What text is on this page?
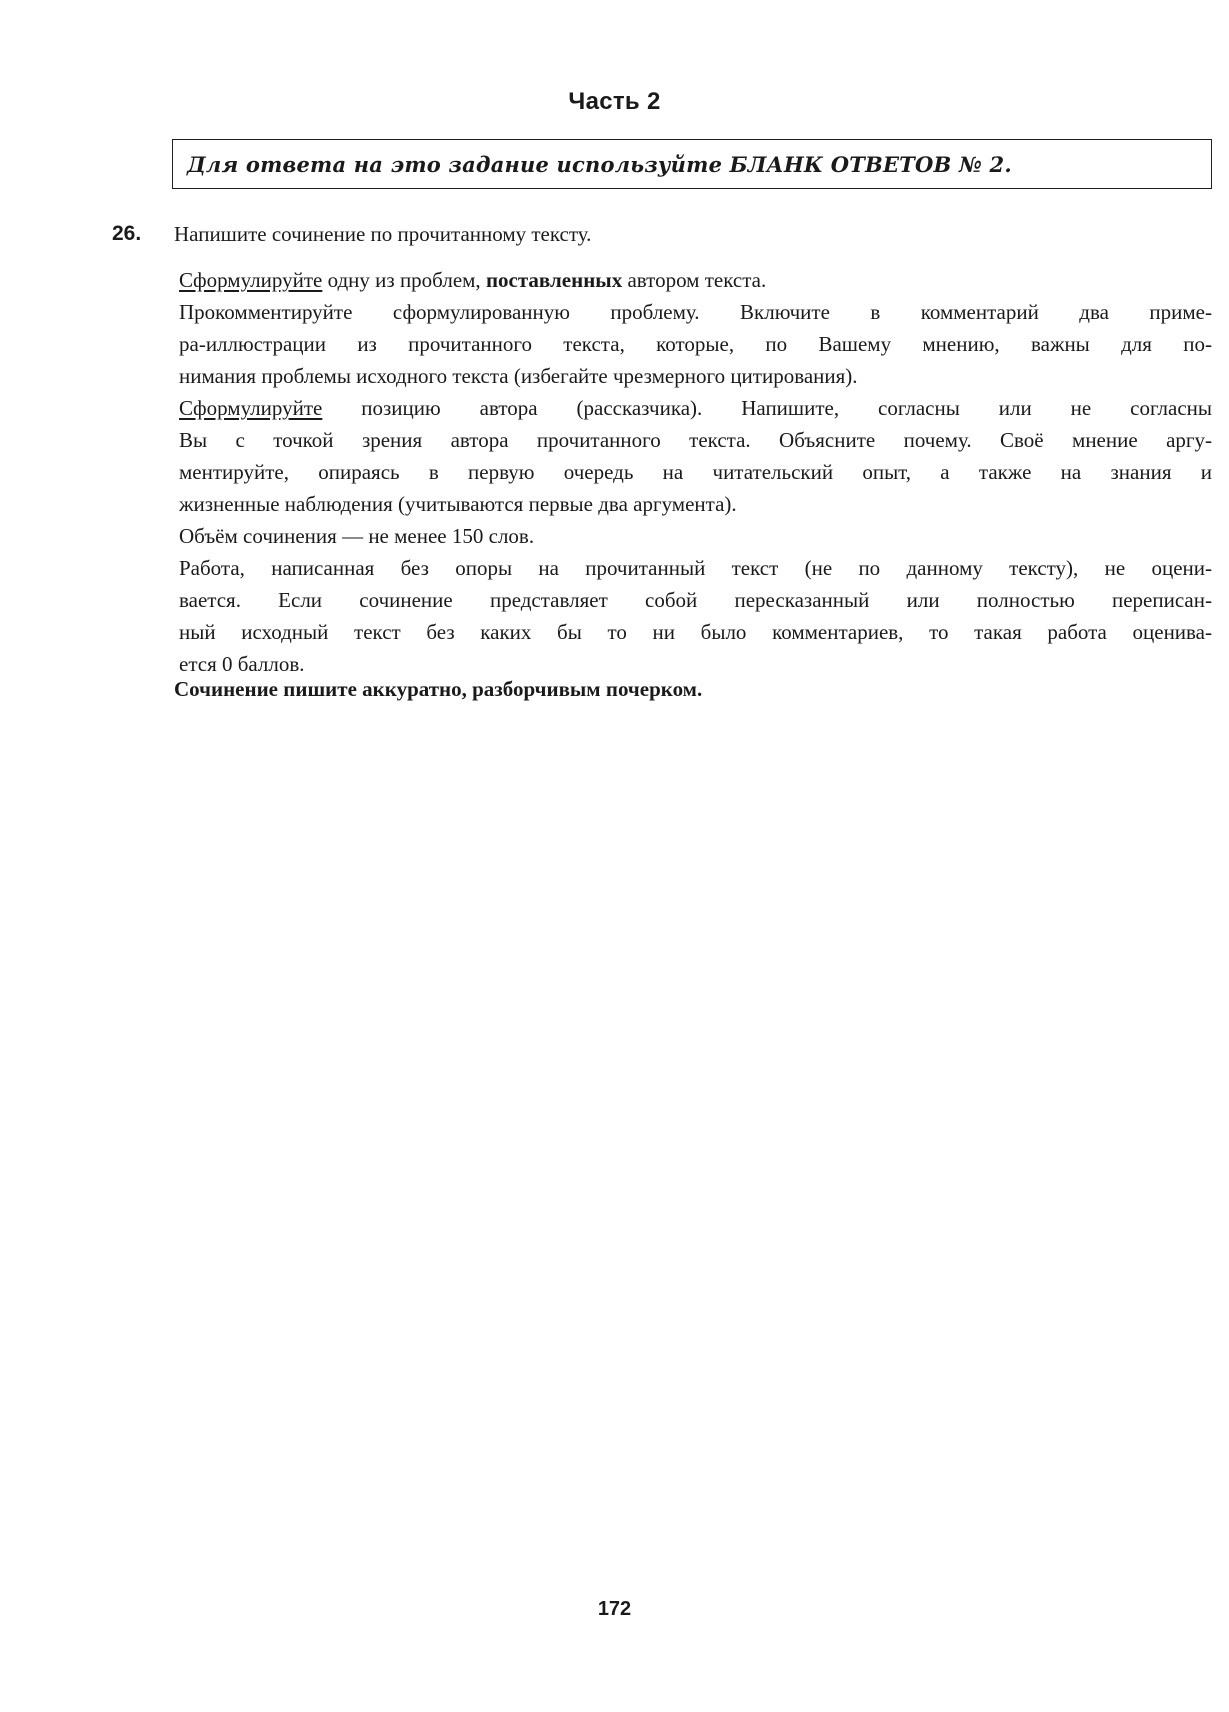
Часть 2
Для ответа на это задание используйте БЛАНК ОТВЕТОВ № 2.
26. Напишите сочинение по прочитанному тексту.
Сформулируйте одну из проблем, поставленных автором текста.
Прокомментируйте сформулированную проблему. Включите в комментарий два приме-
ра-иллюстрации из прочитанного текста, которые, по Вашему мнению, важны для по-
нимания проблемы исходного текста (избегайте чрезмерного цитирования).
Сформулируйте позицию автора (рассказчика). Напишите, согласны или не согласны
Вы с точкой зрения автора прочитанного текста. Объясните почему. Своё мнение аргу-
ментируйте, опираясь в первую очередь на читательский опыт, а также на знания и
жизненные наблюдения (учитываются первые два аргумента).
Объём сочинения — не менее 150 слов.
Работа, написанная без опоры на прочитанный текст (не по данному тексту), не оцени-
вается. Если сочинение представляет собой пересказанный или полностью переписан-
ный исходный текст без каких бы то ни было комментариев, то такая работа оценива-
ется 0 баллов.
Сочинение пишите аккуратно, разборчивым почерком.
172
